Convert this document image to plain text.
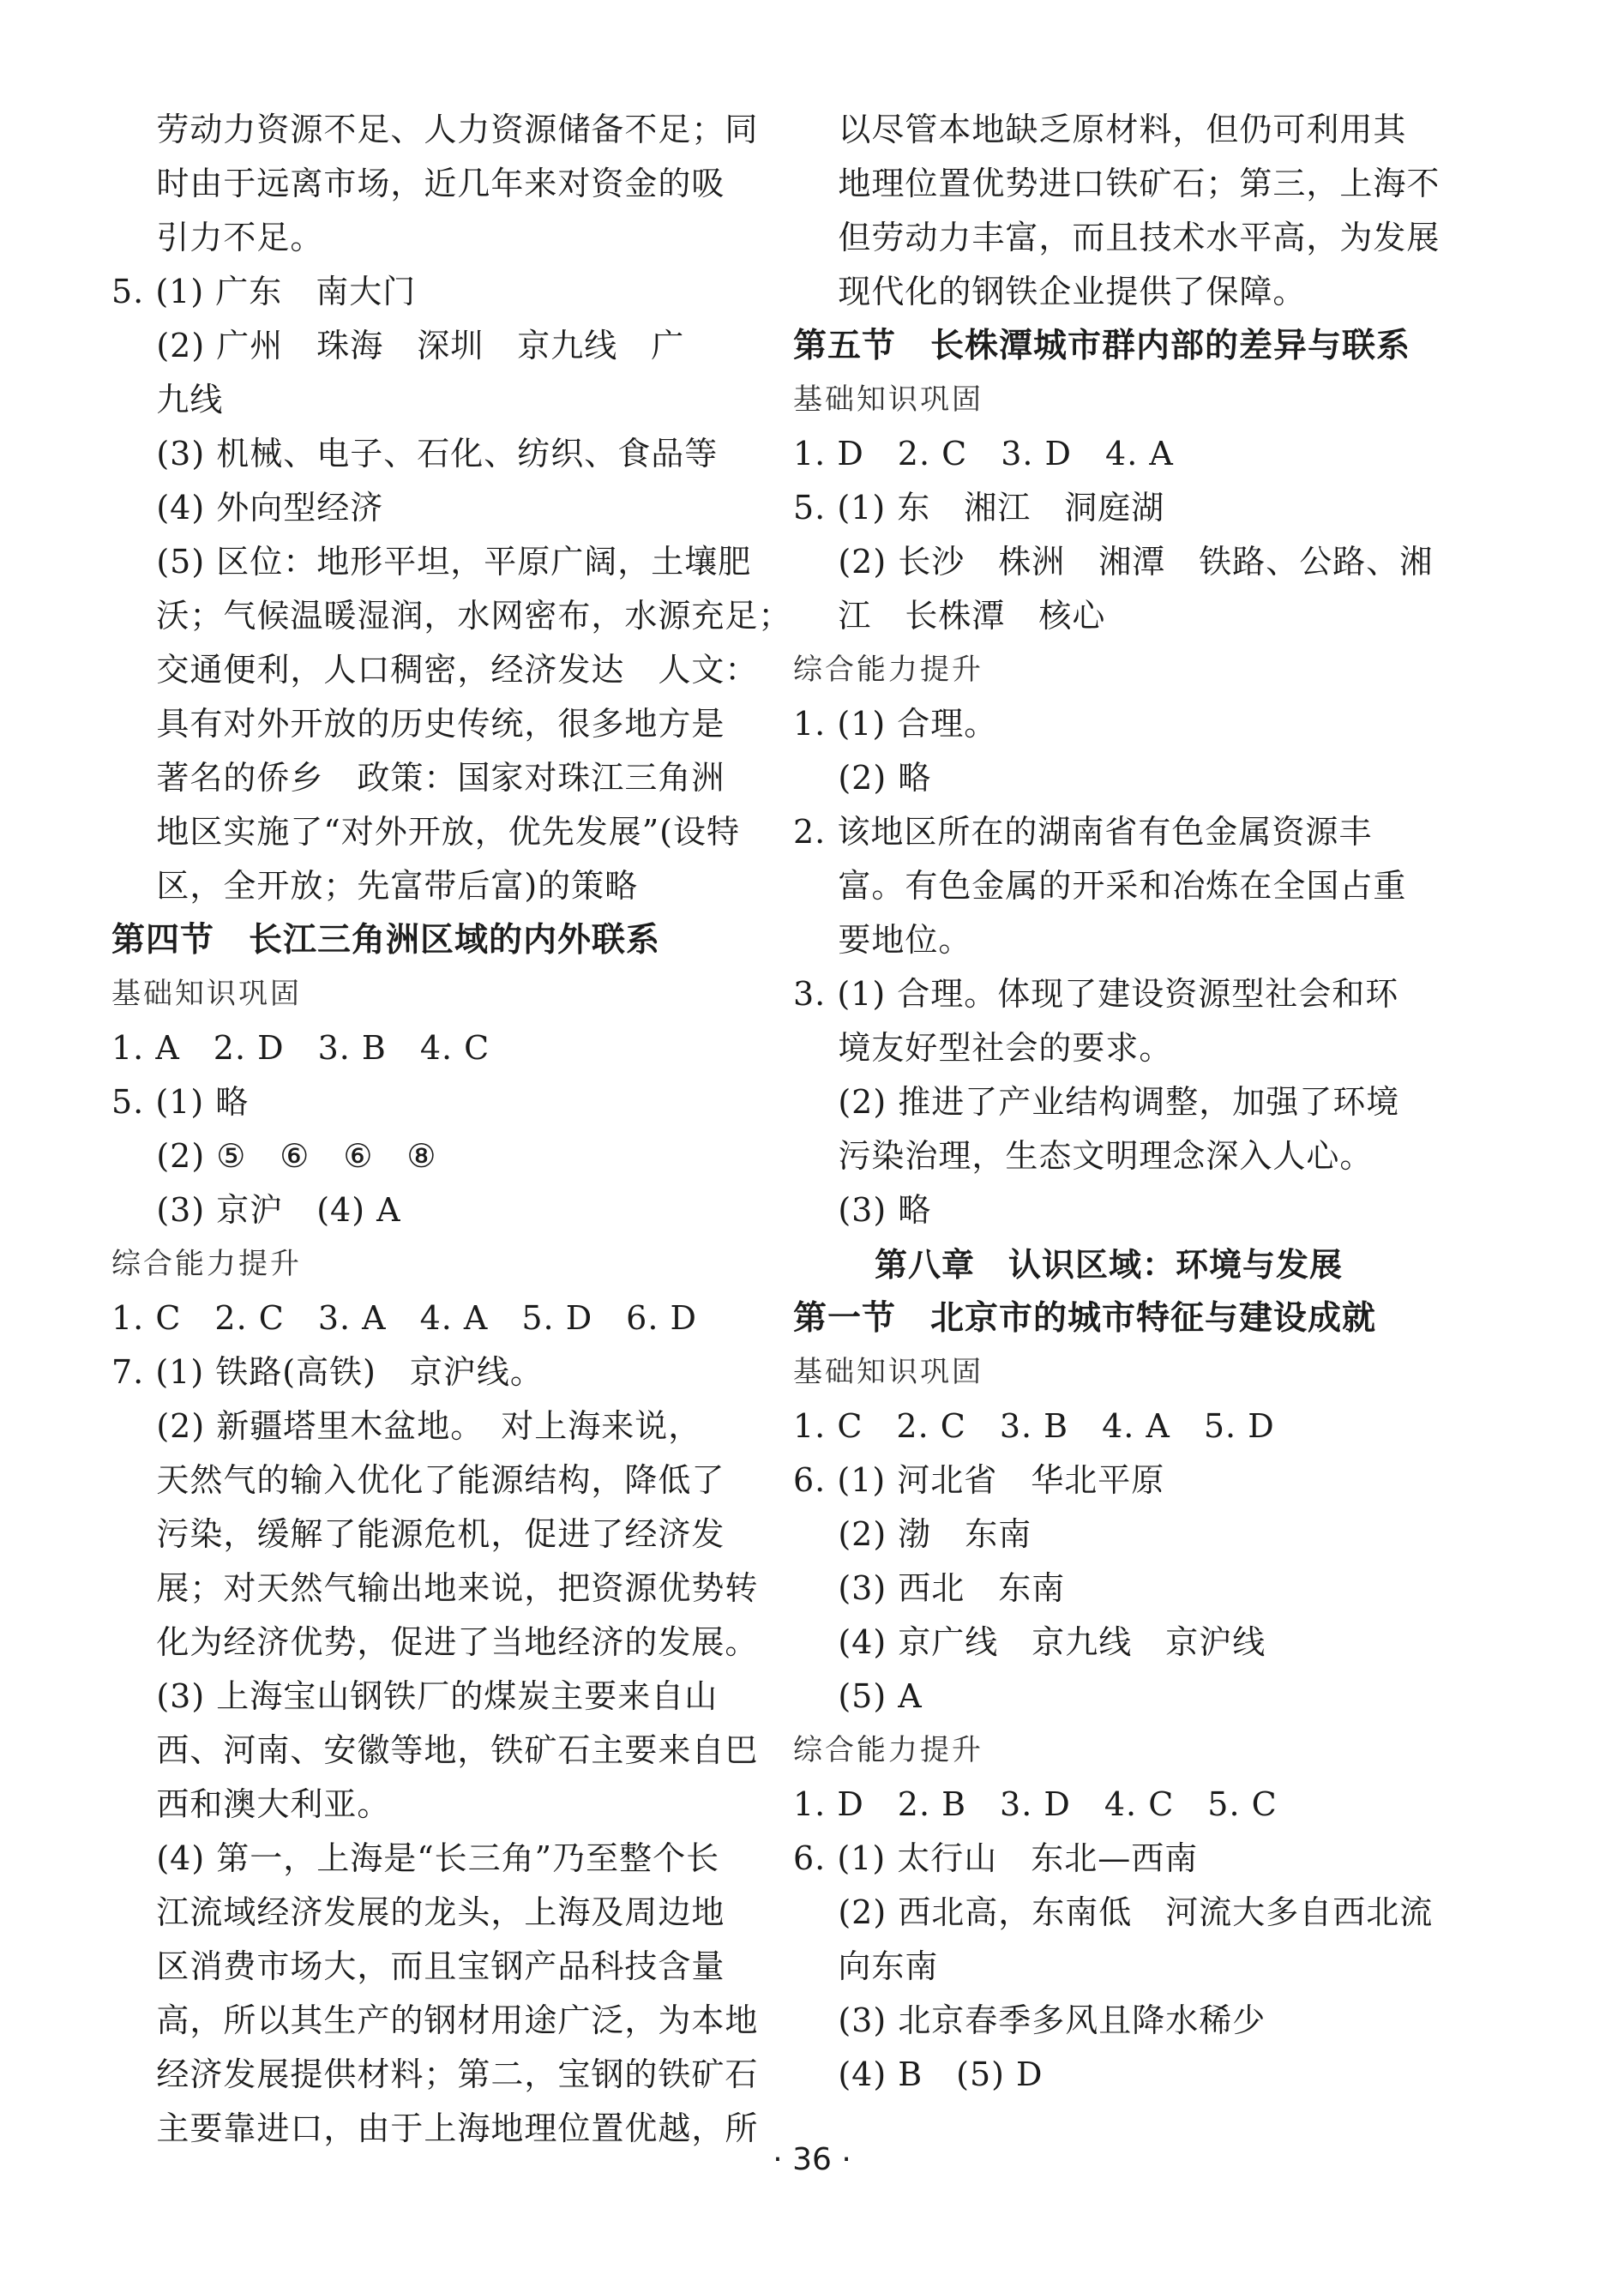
劳动力资源不足、人力资源储备不足；同
时由于远离市场，近几年来对资金的吸
引力不足。
5. (1) 广东　南大门
(2) 广州　珠海　深圳　京九线　广
九线
(3) 机械、电子、石化、纺织、食品等
(4) 外向型经济
(5) 区位：地形平坦，平原广阔，土壤肥
沃；气候温暖湿润，水网密布，水源充足；
交通便利，人口稠密，经济发达　人文：
具有对外开放的历史传统，很多地方是
著名的侨乡　政策：国家对珠江三角洲
地区实施了“对外开放，优先发展”(设特
区，全开放；先富带后富)的策略
第四节　长江三角洲区域的内外联系
基础知识巩固
1. A　2. D　3. B　4. C
5. (1) 略
(2) ⑤　⑥　⑥　⑧
(3) 京沪　(4) A
综合能力提升
1. C　2. C　3. A　4. A　5. D　6. D
7. (1) 铁路(高铁)　京沪线。
(2) 新疆塔里木盆地。　对上海来说，
天然气的输入优化了能源结构，降低了
污染，缓解了能源危机，促进了经济发
展；对天然气输出地来说，把资源优势转
化为经济优势，促进了当地经济的发展。
(3) 上海宝山钢铁厂的煤炭主要来自山
西、河南、安徽等地，铁矿石主要来自巴
西和澳大利亚。
(4) 第一，上海是“长三角”乃至整个长
江流域经济发展的龙头，上海及周边地
区消费市场大，而且宝钢产品科技含量
高，所以其生产的钢材用途广泛，为本地
经济发展提供材料；第二，宝钢的铁矿石
主要靠进口，由于上海地理位置优越，所
以尽管本地缺乏原材料，但仍可利用其
地理位置优势进口铁矿石；第三，上海不
但劳动力丰富，而且技术水平高，为发展
现代化的钢铁企业提供了保障。
第五节　长株潭城市群内部的差异与联系
基础知识巩固
1. D　2. C　3. D　4. A
5. (1) 东　湘江　洞庭湖
(2) 长沙　株洲　湘潭　铁路、公路、湘
江　长株潭　核心
综合能力提升
1. (1) 合理。
(2) 略
2. 该地区所在的湖南省有色金属资源丰
富。有色金属的开采和冶炼在全国占重
要地位。
3. (1) 合理。体现了建设资源型社会和环
境友好型社会的要求。
(2) 推进了产业结构调整，加强了环境
污染治理，生态文明理念深入人心。
(3) 略
第八章　认识区域：环境与发展
第一节　北京市的城市特征与建设成就
基础知识巩固
1. C　2. C　3. B　4. A　5. D
6. (1) 河北省　华北平原
(2) 渤　东南
(3) 西北　东南
(4) 京广线　京九线　京沪线
(5) A
综合能力提升
1. D　2. B　3. D　4. C　5. C
6. (1) 太行山　东北—西南
(2) 西北高，东南低　河流大多自西北流
向东南
(3) 北京春季多风且降水稀少
(4) B　(5) D
· 36 ·
